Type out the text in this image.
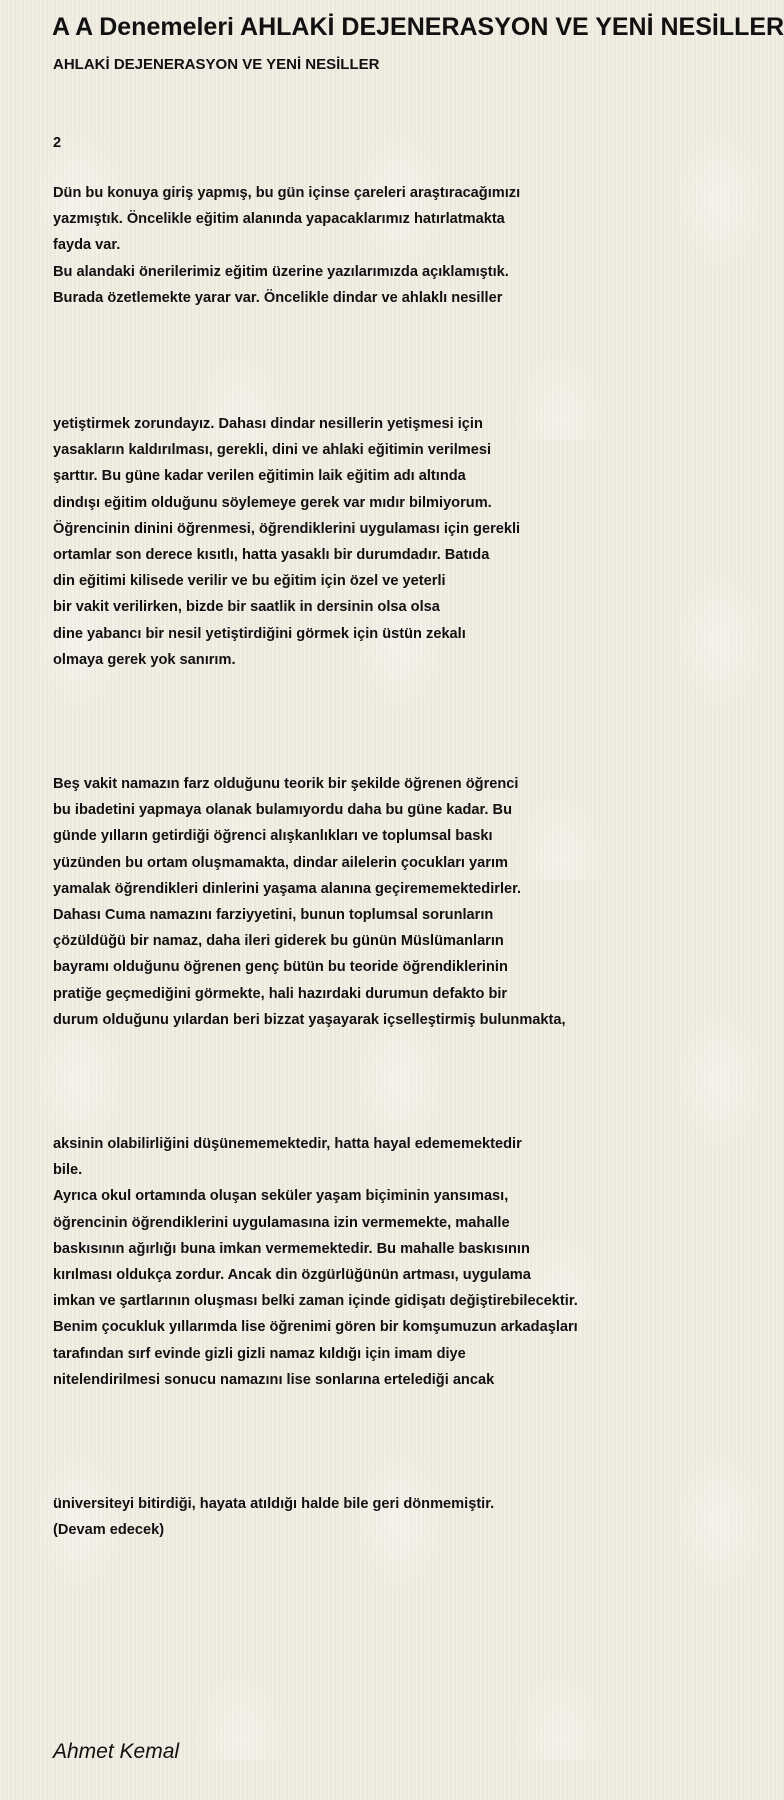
A A Denemeleri AHLAKİ DEJENERASYON VE YENİ NESİLLER
AHLAKİ DEJENERASYON VE YENİ NESİLLER

2

Dün bu konuya giriş yapmış, bu gün içinse çareleri araştıracağımızı
yazmıştık. Öncelikle eğitim alanında yapacaklarımız hatırlatmakta
fayda var.
Bu alandaki önerilerimiz eğitim üzerine yazılarımızda açıklamıştık.
Burada özetlemekte yarar var. Öncelikle dindar ve ahlaklı nesiller

yetiştirmek zorundayız. Dahası dindar nesillerin yetişmesi için
yasakların kaldırılması, gerekli, dini ve ahlaki eğitimin verilmesi
şarttır. Bu güne kadar verilen eğitimin laik eğitim adı altında
dindışı eğitim olduğunu söylemeye gerek var mıdır bilmiyorum.
Öğrencinin dinini öğrenmesi, öğrendiklerini uygulaması için gerekli
ortamlar son derece kısıtlı, hatta yasaklı bir durumdadır. Batıda
din eğitimi kilisede verilir ve bu eğitim için özel ve yeterli
bir vakit verilirken, bizde bir saatlik in dersinin olsa olsa
dine yabancı bir nesil yetiştirdiğini görmek için üstün zekalı
olmaya gerek yok sanırım.

Beş vakit namazın farz olduğunu teorik bir şekilde öğrenen öğrenci
bu ibadetini yapmaya olanak bulamıyordu daha bu güne kadar. Bu
günde yılların getirdiği öğrenci alışkanlıkları ve toplumsal baskı
yüzünden bu ortam oluşmamakta, dindar ailelerin çocukları yarım
yamalak öğrendikleri dinlerini yaşama alanına geçirememektedirler.
Dahası Cuma namazını farziyyetini, bunun toplumsal sorunların
çözüldüğü bir namaz, daha ileri giderek bu günün Müslümanların
bayramı olduğunu öğrenen genç bütün bu teoride öğrendiklerinin
pratiğe geçmediğini görmekte, hali hazırdaki durumun defakto bir
durum olduğunu yılardan beri bizzat yaşayarak içselleştirmiş bulunmakta,

aksinin olabilirliğini düşünememektedir, hatta hayal edememektedir
bile.
Ayrıca okul ortamında oluşan seküler yaşam biçiminin yansıması,
öğrencinin öğrendiklerini uygulamasına izin vermemekte, mahalle
baskısının ağırlığı buna imkan vermemektedir. Bu mahalle baskısının
kırılması oldukça zordur. Ancak din özgürlüğünün artması, uygulama
imkan ve şartlarının oluşması belki zaman içinde gidişatı değiştirebilecektir.
Benim çocukluk yıllarımda lise öğrenimi gören bir komşumuzun arkadaşları
tarafından sırf evinde gizli gizli namaz kıldığı için imam diye
nitelendirilmesi sonucu namazını lise sonlarına ertelediği ancak

üniversiteyi bitirdiği, hayata atıldığı halde bile geri dönmemiştir.
(Devam edecek)

Ahmet Kemal
